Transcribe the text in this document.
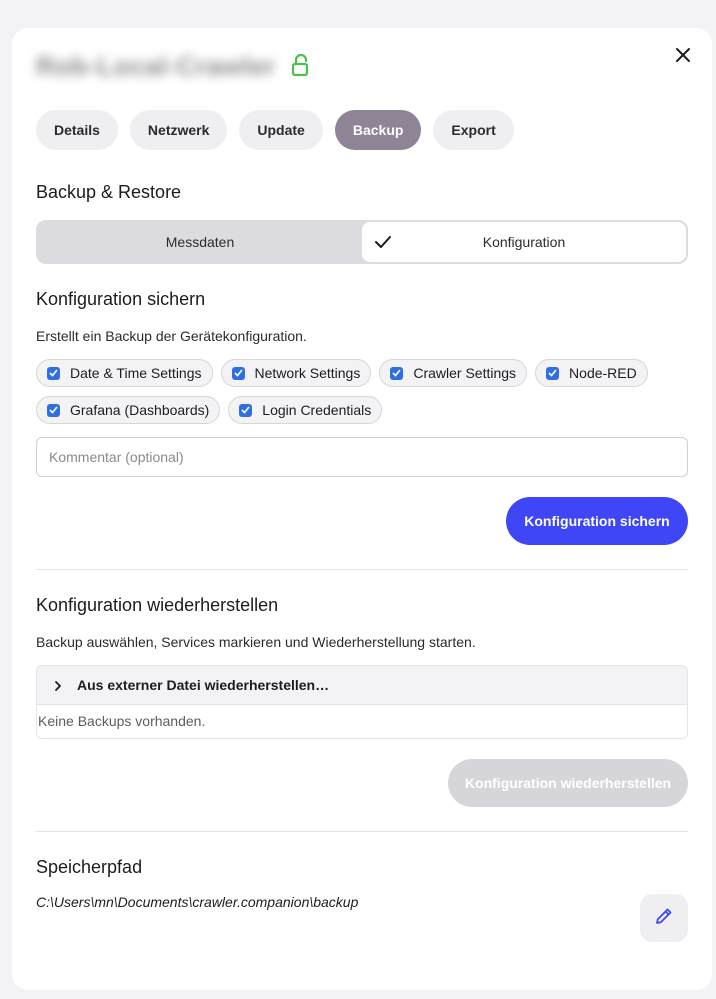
Rob-Local-Crawler
Details	Netzwerk	Update	Backup	Export
Backup & Restore
Messdaten	Konfiguration
Konfiguration sichern
Erstellt ein Backup der Gerätekonfiguration.
Date & Time Settings	Network Settings	Crawler Settings	Node-RED
Grafana (Dashboards)	Login Credentials
Kommentar (optional)
Konfiguration sichern
Konfiguration wiederherstellen
Backup auswählen, Services markieren und Wiederherstellung starten.
Aus externer Datei wiederherstellen…
Keine Backups vorhanden.
Konfiguration wiederherstellen
Speicherpfad
C:\Users\mn\Documents\crawler.companion\backup
